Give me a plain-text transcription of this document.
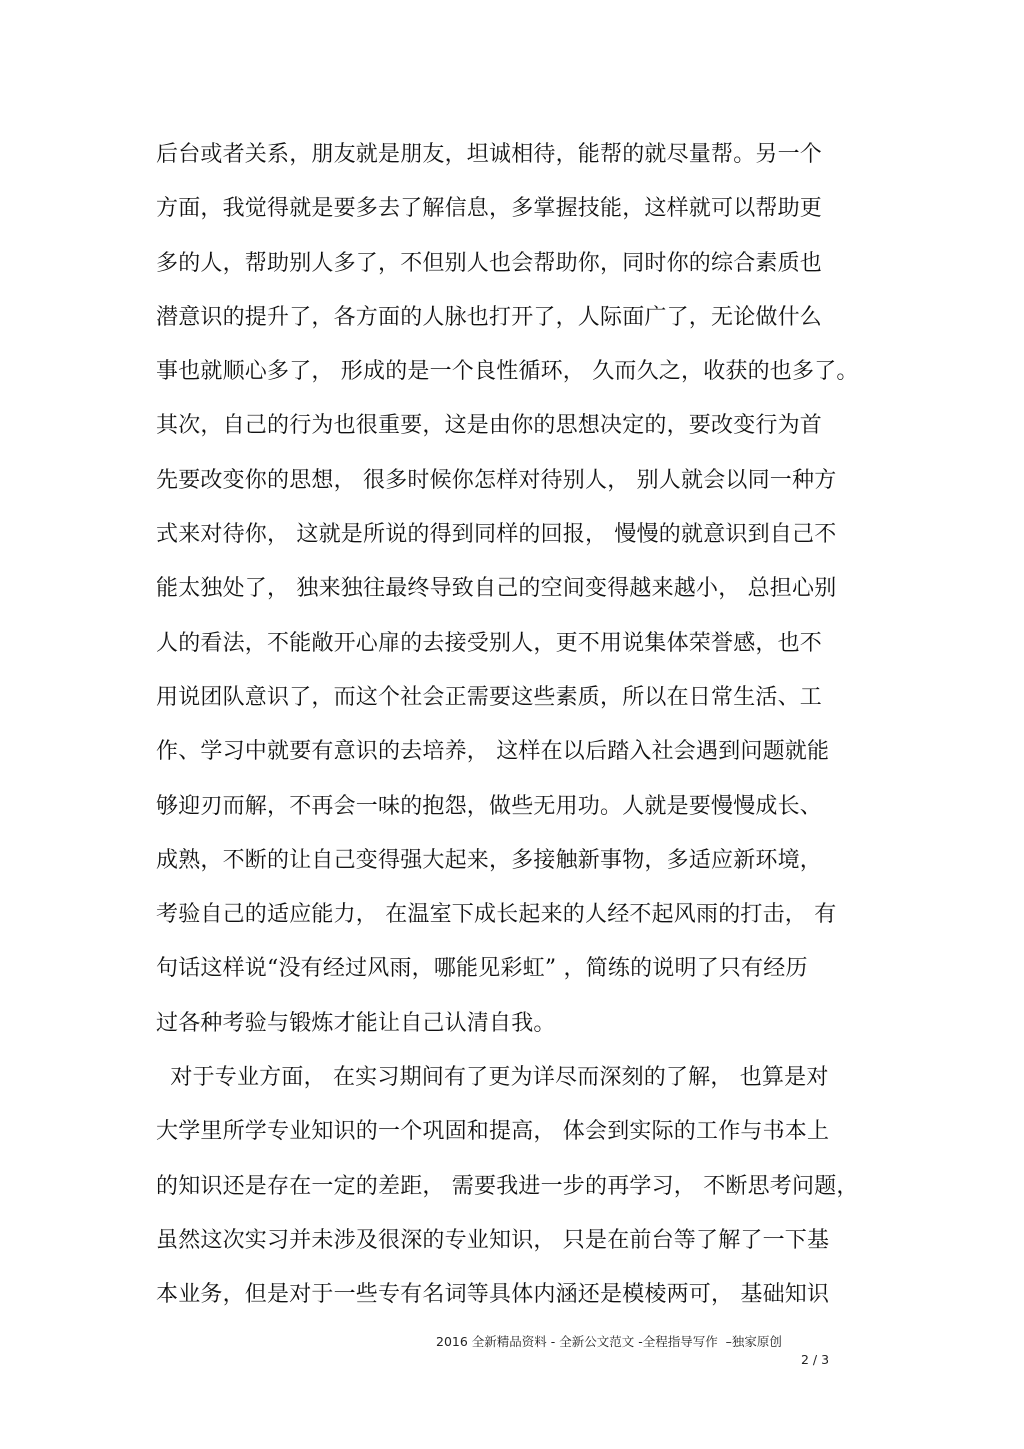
后台或者关系，朋友就是朋友，坦诚相待，能帮的就尽量帮。另一个
方面，我觉得就是要多去了解信息，多掌握技能，这样就可以帮助更
多的人，帮助别人多了，不但别人也会帮助你，同时你的综合素质也
潜意识的提升了，各方面的人脉也打开了，人际面广了，无论做什么
事也就顺心多了， 形成的是一个良性循环， 久而久之，收获的也多了。
其次，自己的行为也很重要，这是由你的思想决定的，要改变行为首
先要改变你的思想， 很多时候你怎样对待别人， 别人就会以同一种方
式来对待你， 这就是所说的得到同样的回报， 慢慢的就意识到自己不
能太独处了， 独来独往最终导致自己的空间变得越来越小， 总担心别
人的看法，不能敞开心扉的去接受别人，更不用说集体荣誉感，也不
用说团队意识了，而这个社会正需要这些素质，所以在日常生活、工
作、学习中就要有意识的去培养， 这样在以后踏入社会遇到问题就能
够迎刃而解，不再会一味的抱怨，做些无用功。人就是要慢慢成长、
成熟，不断的让自己变得强大起来，多接触新事物，多适应新环境，
考验自己的适应能力， 在温室下成长起来的人经不起风雨的打击， 有
句话这样说“没有经过风雨，哪能见彩虹” ，简练的说明了只有经历
过各种考验与锻炼才能让自己认清自我。
对于专业方面， 在实习期间有了更为详尽而深刻的了解， 也算是对
大学里所学专业知识的一个巩固和提高， 体会到实际的工作与书本上
的知识还是存在一定的差距， 需要我进一步的再学习， 不断思考问题，
虽然这次实习并未涉及很深的专业知识， 只是在前台等了解了一下基
本业务，但是对于一些专有名词等具体内涵还是模棱两可， 基础知识
2016 全新精品资料 - 全新公文范文 -全程指导写作  –独家原创
2 / 3
